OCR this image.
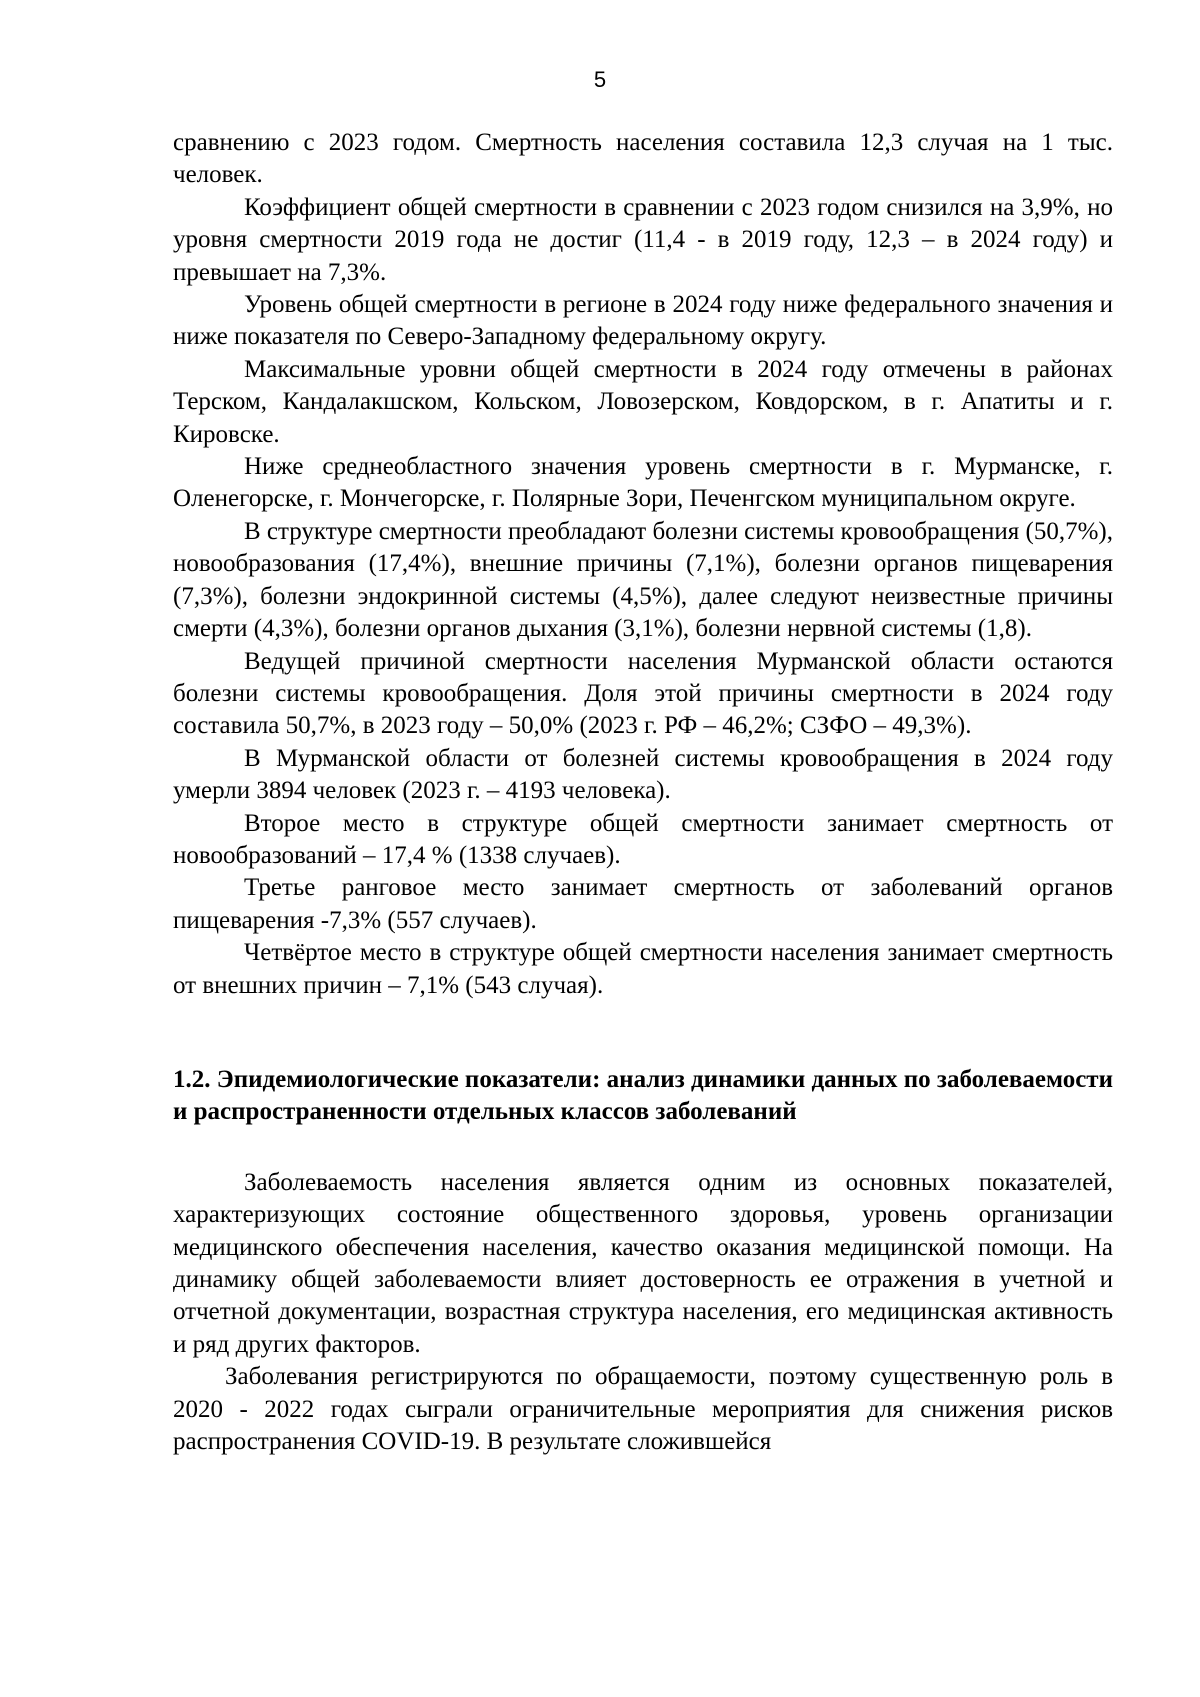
5

сравнению с 2023 годом. Смертность населения составила 12,3 случая на 1 тыс. человек.

Коэффициент общей смертности в сравнении с 2023 годом снизился на 3,9%, но уровня смертности 2019 года не достиг (11,4 - в 2019 году, 12,3 – в 2024 году) и превышает на 7,3%.

Уровень общей смертности в регионе в 2024 году ниже федерального значения и ниже показателя по Северо-Западному федеральному округу.

Максимальные уровни общей смертности в 2024 году отмечены в районах Терском, Кандалакшском, Кольском, Ловозерском, Ковдорском, в г. Апатиты и г. Кировске.

Ниже среднеобластного значения уровень смертности в г. Мурманске, г. Оленегорске, г. Мончегорске, г. Полярные Зори, Печенгском муниципальном округе.

В структуре смертности преобладают болезни системы кровообращения (50,7%), новообразования (17,4%), внешние причины (7,1%), болезни органов пищеварения (7,3%), болезни эндокринной системы (4,5%), далее следуют неизвестные причины смерти (4,3%), болезни органов дыхания (3,1%), болезни нервной системы (1,8).

Ведущей причиной смертности населения Мурманской области остаются болезни системы кровообращения. Доля этой причины смертности в 2024 году составила 50,7%, в 2023 году – 50,0% (2023 г. РФ – 46,2%; СЗФО – 49,3%).

В Мурманской области от болезней системы кровообращения в 2024 году умерли 3894 человек (2023 г. – 4193 человека).

Второе место в структуре общей смертности занимает смертность от новообразований – 17,4 % (1338 случаев).

Третье ранговое место занимает смертность от заболеваний органов пищеварения -7,3% (557 случаев).

Четвёртое место в структуре общей смертности населения занимает смертность от внешних причин – 7,1% (543 случая).

1.2. Эпидемиологические показатели: анализ динамики данных по заболеваемости и распространенности отдельных классов заболеваний

Заболеваемость населения является одним из основных показателей, характеризующих состояние общественного здоровья, уровень организации медицинского обеспечения населения, качество оказания медицинской помощи. На динамику общей заболеваемости влияет достоверность ее отражения в учетной и отчетной документации, возрастная структура населения, его медицинская активность и ряд других факторов.

Заболевания регистрируются по обращаемости, поэтому существенную роль в 2020 - 2022 годах сыграли ограничительные мероприятия для снижения рисков распространения COVID-19. В результате сложившейся
